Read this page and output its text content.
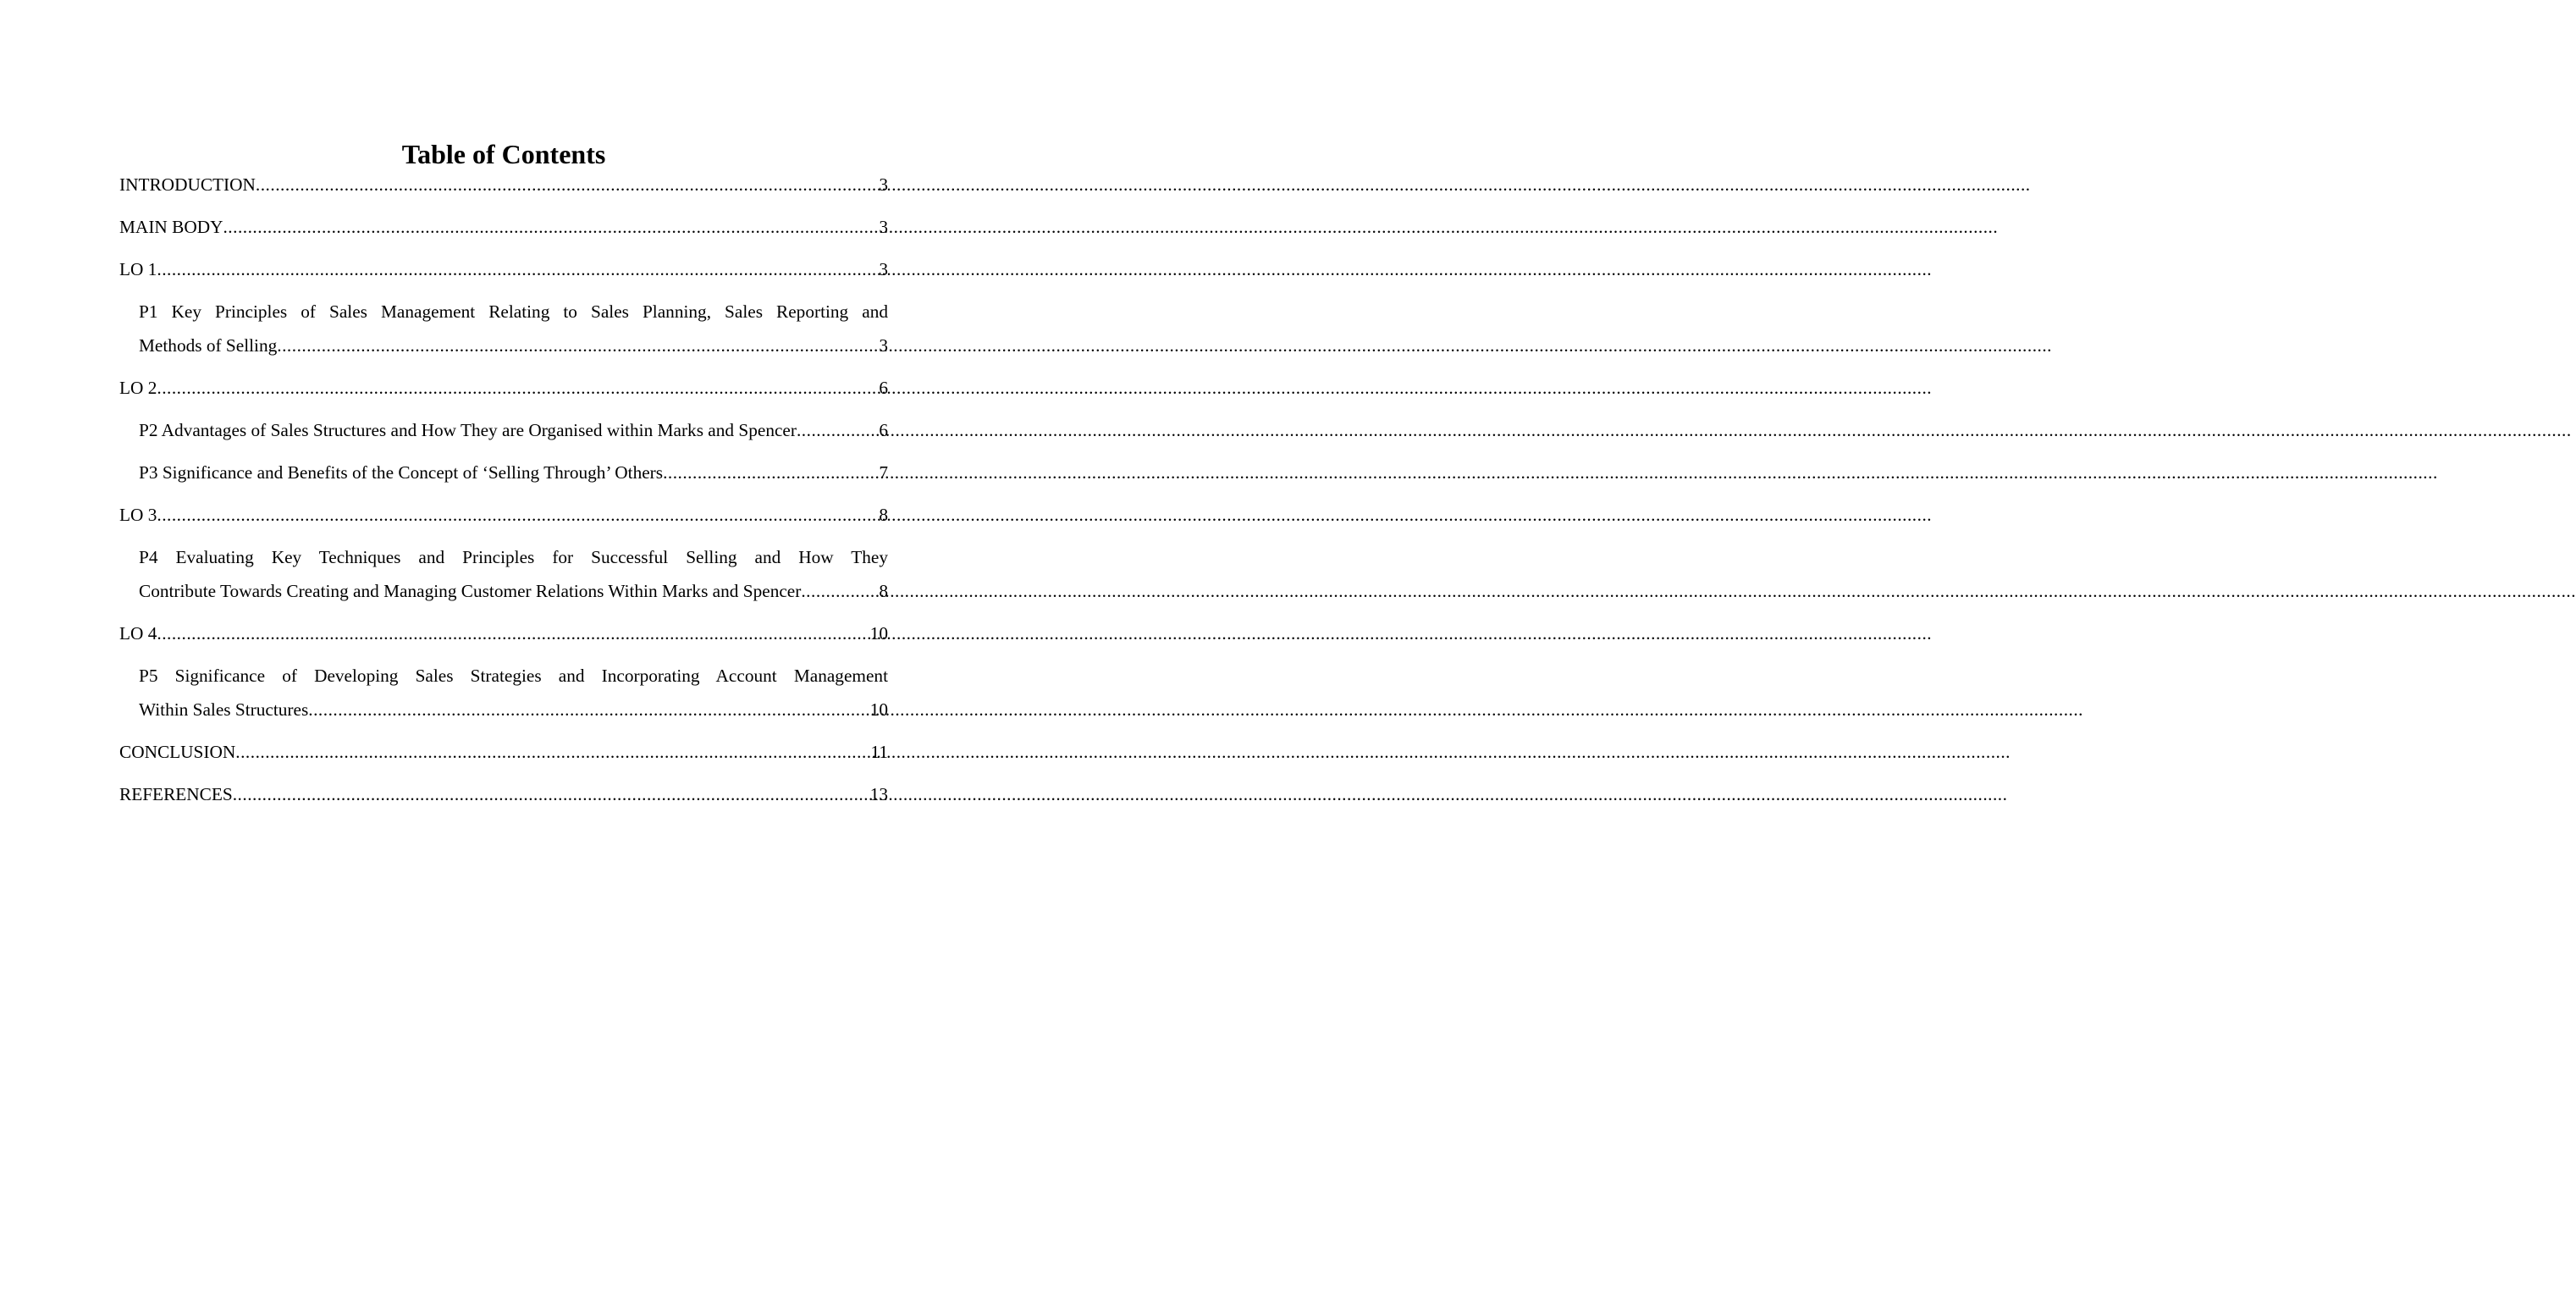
Table of Contents
INTRODUCTION .....	3
MAIN BODY .....	3
LO 1 .....	3
P1 Key Principles of Sales Management Relating to Sales Planning, Sales Reporting and
Methods of Selling .....	3
LO 2 .....	6
P2 Advantages of Sales Structures and How They are Organised within Marks and Spencer .....	6
P3 Significance and Benefits of the Concept of ‘Selling Through’ Others .....	7
LO 3 .....	8
P4 Evaluating Key Techniques and Principles for Successful Selling and How They
Contribute Towards Creating and Managing Customer Relations Within Marks and Spencer .....	8
LO 4 .....	10
P5 Significance of Developing Sales Strategies and Incorporating Account Management
Within Sales Structures .....	10
CONCLUSION .....	11
REFERENCES .....	13
